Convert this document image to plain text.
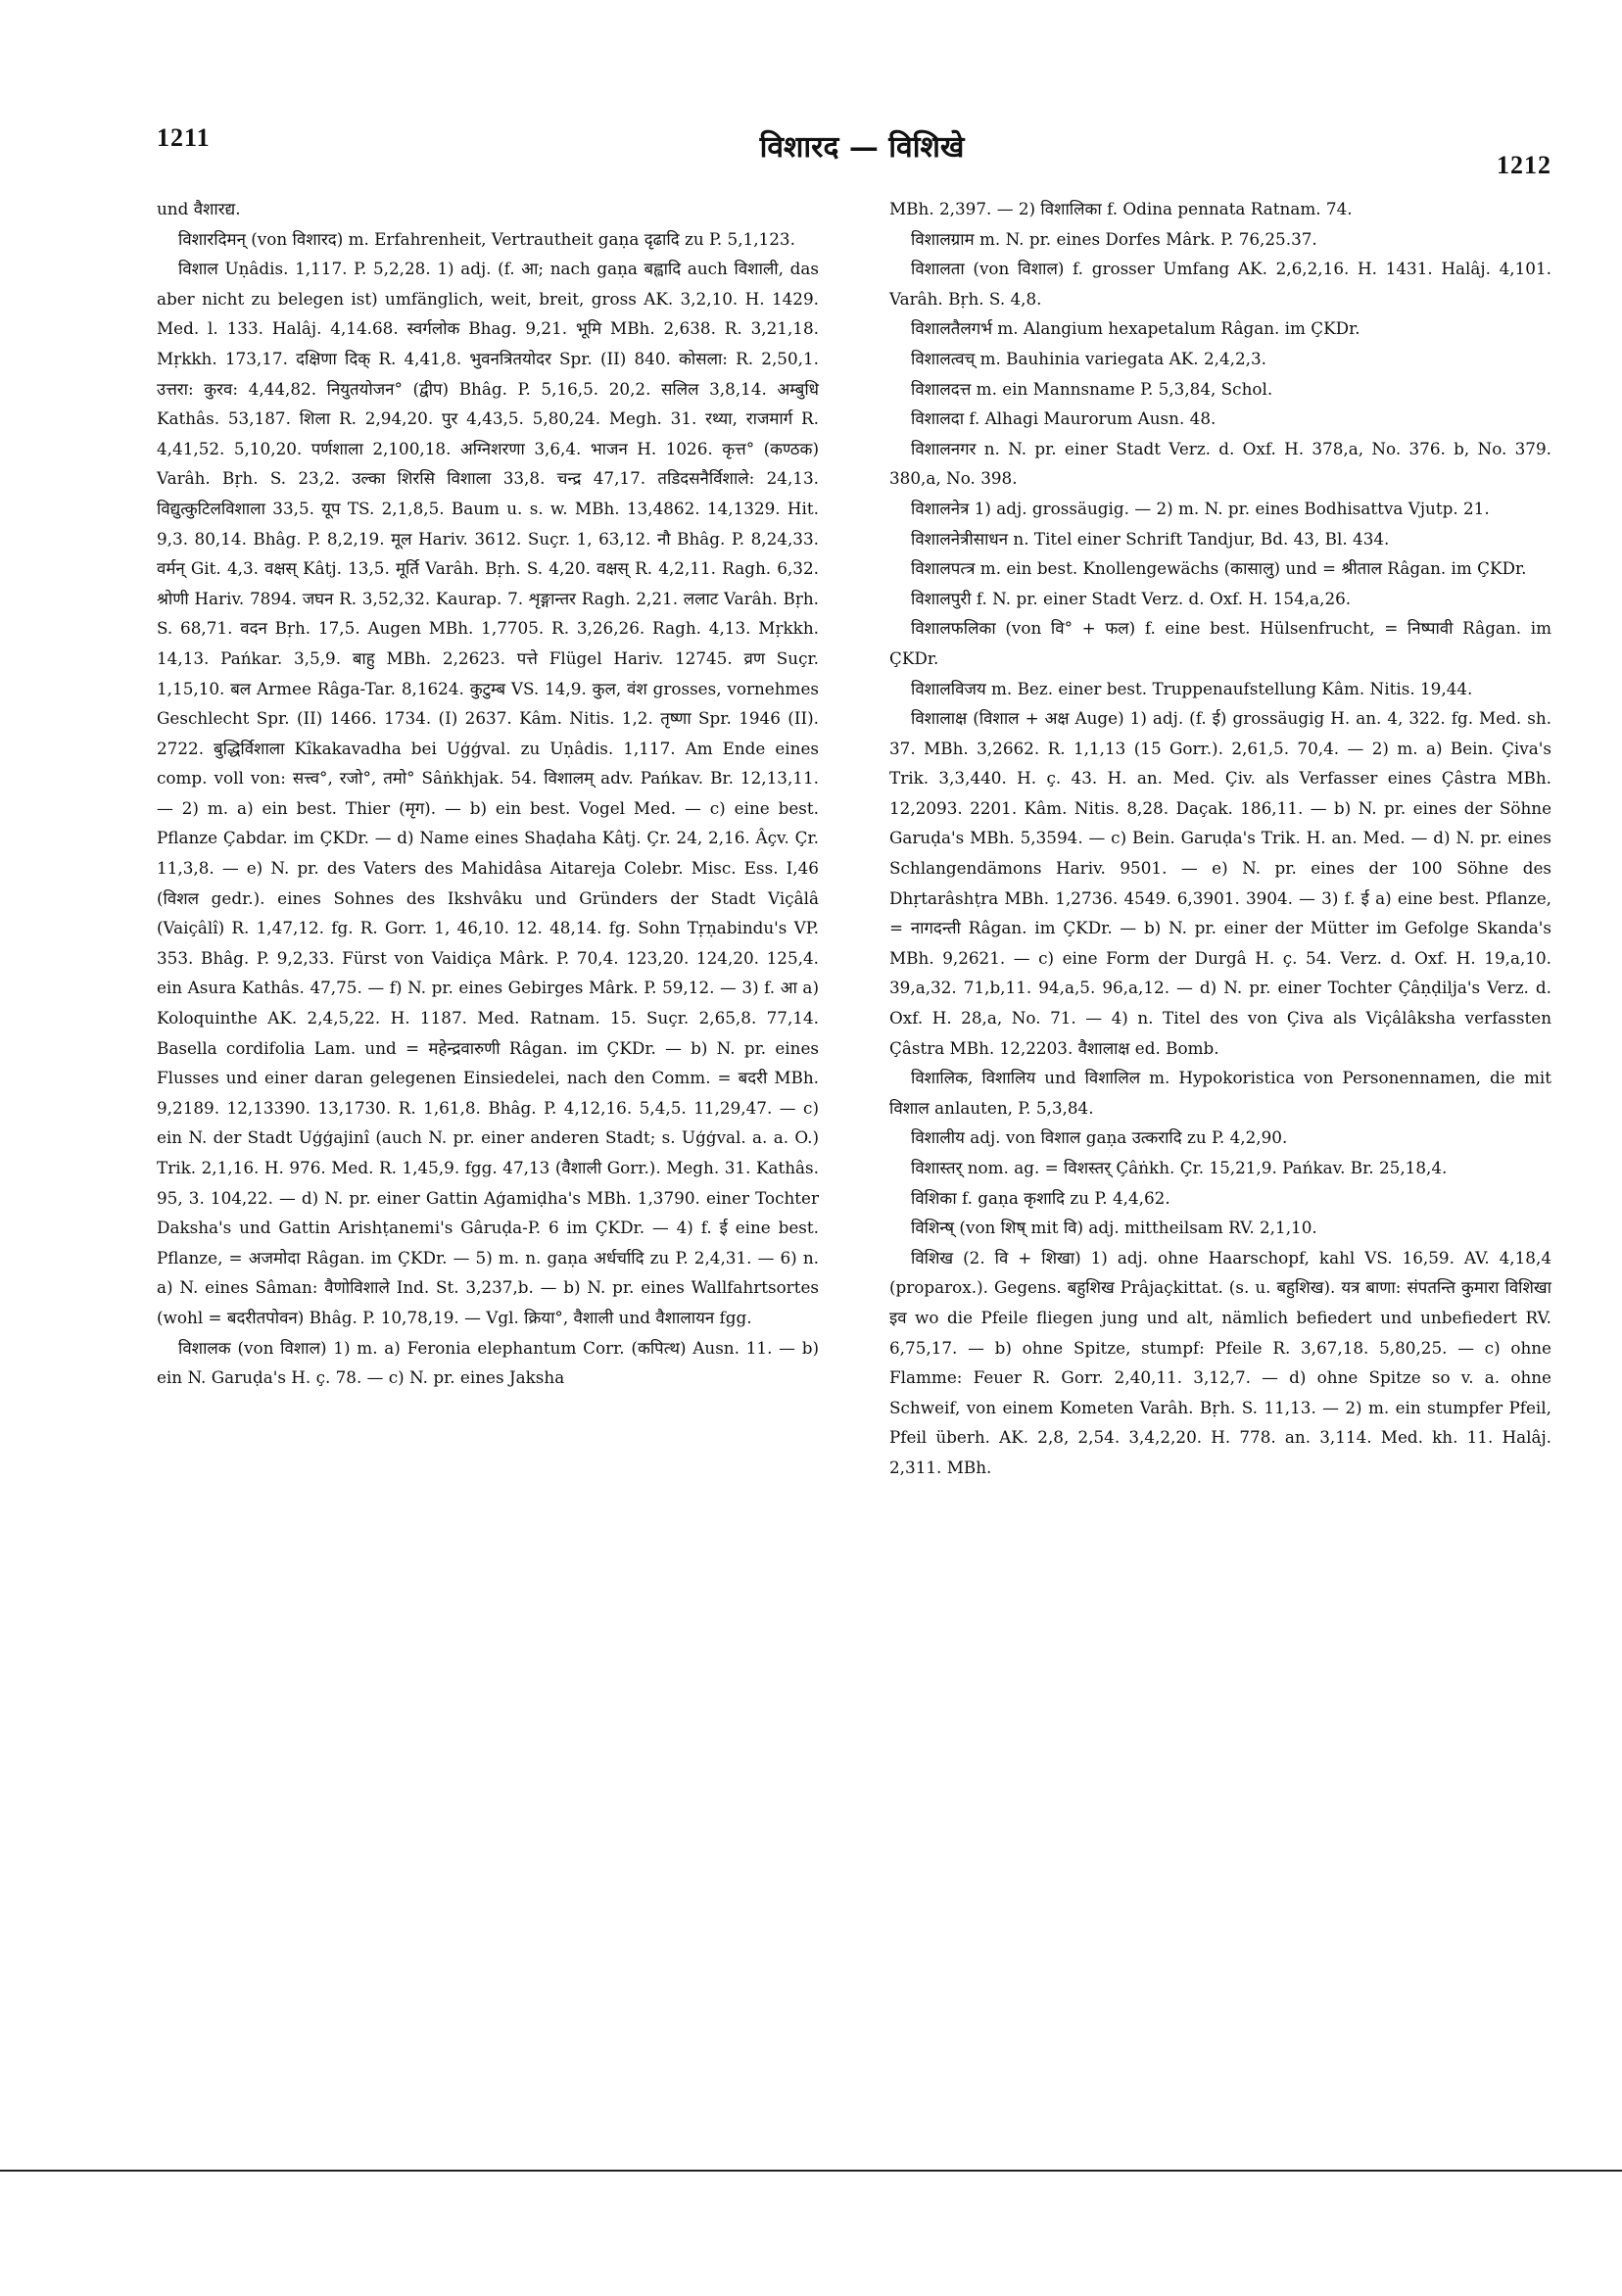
1211	विशारद — विशिखे
1212

und वैशारद्य.

विशारदिमन् (von विशारद) m. Erfahrenheit, Vertrautheit gaṇa दृढादि zu P. 5,1,123.

विशाल Uṇâdis. 1,117. P. 5,2,28. 1) adj. (f. आ; nach gaṇa बह्वादि auch विशाली, das aber nicht zu belegen ist) umfänglich, weit, breit, gross AK. 3,2,10. H. 1429. Med. l. 133. Halâj. 4,14.68. स्वर्गलोक Bhag. 9,21. भूमि MBh. 2,638. R. 3,21,18. Mṛkkh. 173,17. दक्षिणा दिक् R. 4,41,8. भुवनत्रितयोदर Spr. (II) 840. कोसला: R. 2,50,1. उत्तरा: कुरव: 4,44,82. नियुतयोजन° (द्वीप) Bhâg. P. 5,16,5. 20,2. सलिल 3,8,14. अम्बुधि Kathâs. 53,187. शिला R. 2,94,20. पुर 4,43,5. 5,80,24. Megh. 31. रथ्या, राजमार्ग R. 4,41,52. 5,10,20. पर्णशाला 2,100,18. अग्निशरणा 3,6,4. भाजन H. 1026. कृत्त° (कण्ठक) Varâh. Bṛh. S. 23,2. उल्का शिरसि विशाला 33,8. चन्द्र 47,17. तडिदसनैर्विशाले: 24,13. विद्युत्कुटिलविशाला 33,5. यूप TS. 2,1,8,5. Baum u. s. w. MBh. 13,4862. 14,1329. Hit. 9,3. 80,14. Bhâg. P. 8,2,19. मूल Hariv. 3612. Suçr. 1, 63,12. नौ Bhâg. P. 8,24,33. वर्मन् Git. 4,3. वक्षस् Kâtj. 13,5. मूर्ति Varâh. Bṛh. S. 4,20. वक्षस् R. 4,2,11. Ragh. 6,32. श्रोणी Hariv. 7894. जघन R. 3,52,32. Kaurap. 7. शृङ्गान्तर Ragh. 2,21. ललाट Varâh. Bṛh. S. 68,71. वदन Bṛh. 17,5. Augen MBh. 1,7705. R. 3,26,26. Ragh. 4,13. Mṛkkh. 14,13. Pańkar. 3,5,9. बाहु MBh. 2,2623. पत्ते Flügel Hariv. 12745. व्रण Suçr. 1,15,10. बल Armee Râga-Tar. 8,1624. कुटुम्ब VS. 14,9. कुल, वंश grosses, vornehmes Geschlecht Spr. (II) 1466. 1734. (I) 2637. Kâm. Nitis. 1,2. तृष्णा Spr. 1946 (II). 2722. बुद्धिर्विशाला Kîkakavadha bei Uģģval. zu Uṇâdis. 1,117. Am Ende eines comp. voll von: सत्त्व°, रजो°, तमो° Sâṅkhjak. 54. विशालम् adv. Pańkav. Br. 12,13,11. — 2) m. a) ein best. Thier (मृग). — b) ein best. Vogel Med. — c) eine best. Pflanze Çabdar. im ÇKDr. — d) Name eines Shaḍaha Kâtj. Çr. 24, 2,16. Âçv. Çr. 11,3,8. — e) N. pr. des Vaters des Mahidâsa Aitareja Colebr. Misc. Ess. I,46 (विशल gedr.). eines Sohnes des Ikshvâku und Gründers der Stadt Viçâlâ (Vaiçâlî) R. 1,47,12. fg. R. Gorr. 1, 46,10. 12. 48,14. fg. Sohn Tṛṇabindu's VP. 353. Bhâg. P. 9,2,33. Fürst von Vaidiça Mârk. P. 70,4. 123,20. 124,20. 125,4. ein Asura Kathâs. 47,75. — f) N. pr. eines Gebirges Mârk. P. 59,12. — 3) f. आ a) Koloquinthe AK. 2,4,5,22. H. 1187. Med. Ratnam. 15. Suçr. 2,65,8. 77,14. Basella cordifolia Lam. und = महेन्द्रवारुणी Râgan. im ÇKDr. — b) N. pr. eines Flusses und einer daran gelegenen Einsiedelei, nach den Comm. = बदरी MBh. 9,2189. 12,13390. 13,1730. R. 1,61,8. Bhâg. P. 4,12,16. 5,4,5. 11,29,47. — c) ein N. der Stadt Uģģajinî (auch N. pr. einer anderen Stadt; s. Uģģval. a. a. O.) Trik. 2,1,16. H. 976. Med. R. 1,45,9. fgg. 47,13 (वैशाली Gorr.). Megh. 31. Kathâs. 95, 3. 104,22. — d) N. pr. einer Gattin Aģamiḍha's MBh. 1,3790. einer Tochter Daksha's und Gattin Arishṭanemi's Gâruḍa-P. 6 im ÇKDr. — 4) f. ई eine best. Pflanze, = अजमोदा Râgan. im ÇKDr. — 5) m. n. gaṇa अर्धर्चादि zu P. 2,4,31. — 6) n. a) N. eines Sâman: वैणोविशाले Ind. St. 3,237,b. — b) N. pr. eines Wallfahrtsortes (wohl = बदरीतपोवन) Bhâg. P. 10,78,19. — Vgl. क्रिया°, वैशाली und वैशालायन fgg.

विशालक (von विशाल) 1) m. a) Feronia elephantum Corr. (कपित्थ) Ausn. 11. — b) ein N. Garuḍa's H. ç. 78. — c) N. pr. eines Jaksha

MBh. 2,397. — 2) विशालिका f. Odina pennata Ratnam. 74.

विशालग्राम m. N. pr. eines Dorfes Mârk. P. 76,25.37.

विशालता (von विशाल) f. grosser Umfang AK. 2,6,2,16. H. 1431. Halâj. 4,101. Varâh. Bṛh. S. 4,8.

विशालतैलगर्भ m. Alangium hexapetalum Râgan. im ÇKDr.

विशालत्वच् m. Bauhinia variegata AK. 2,4,2,3.

विशालदत्त m. ein Mannsname P. 5,3,84, Schol.

विशालदा f. Alhagi Maurorum Ausn. 48.

विशालनगर n. N. pr. einer Stadt Verz. d. Oxf. H. 378,a, No. 376. b, No. 379. 380,a, No. 398.

विशालनेत्र 1) adj. grossäugig. — 2) m. N. pr. eines Bodhisattva Vjutp. 21.

विशालनेत्रीसाधन n. Titel einer Schrift Tandjur, Bd. 43, Bl. 434.

विशालपत्त्र m. ein best. Knollengewächs (कासालु) und = श्रीताल Râgan. im ÇKDr.

विशालपुरी f. N. pr. einer Stadt Verz. d. Oxf. H. 154,a,26.

विशालफलिका (von वि° + फल) f. eine best. Hülsenfrucht, = निष्पावी Râgan. im ÇKDr.

विशालविजय m. Bez. einer best. Truppenaufstellung Kâm. Nitis. 19,44.

विशालाक्ष (विशाल + अक्ष Auge) 1) adj. (f. ई) grossäugig H. an. 4, 322. fg. Med. sh. 37. MBh. 3,2662. R. 1,1,13 (15 Gorr.). 2,61,5. 70,4. — 2) m. a) Bein. Çiva's Trik. 3,3,440. H. ç. 43. H. an. Med. Çiv. als Verfasser eines Çâstra MBh. 12,2093. 2201. Kâm. Nitis. 8,28. Daçak. 186,11. — b) N. pr. eines der Söhne Garuḍa's MBh. 5,3594. — c) Bein. Garuḍa's Trik. H. an. Med. — d) N. pr. eines Schlangendämons Hariv. 9501. — e) N. pr. eines der 100 Söhne des Dhṛtarâshṭra MBh. 1,2736. 4549. 6,3901. 3904. — 3) f. ई a) eine best. Pflanze, = नागदन्ती Râgan. im ÇKDr. — b) N. pr. einer der Mütter im Gefolge Skanda's MBh. 9,2621. — c) eine Form der Durgâ H. ç. 54. Verz. d. Oxf. H. 19,a,10. 39,a,32. 71,b,11. 94,a,5. 96,a,12. — d) N. pr. einer Tochter Çâṇḍilja's Verz. d. Oxf. H. 28,a, No. 71. — 4) n. Titel des von Çiva als Viçâlâksha verfassten Çâstra MBh. 12,2203. वैशालाक्ष ed. Bomb.

विशालिक, विशालिय und विशालिल m. Hypokoristica von Personennamen, die mit विशाल anlauten, P. 5,3,84.

विशालीय adj. von विशाल gaṇa उत्करादि zu P. 4,2,90.

विशास्तर् nom. ag. = विशस्तर् Çâṅkh. Çr. 15,21,9. Pańkav. Br. 25,18,4.

विशिका f. gaṇa कृशादि zu P. 4,4,62.

विशिन्ष् (von शिष् mit वि) adj. mittheilsam RV. 2,1,10.

विशिख (2. वि + शिखा) 1) adj. ohne Haarschopf, kahl VS. 16,59. AV. 4,18,4 (proparox.). Gegens. बहुशिख Prâjaçkittat. (s. u. बहुशिख). यत्र बाणा: संपतन्ति कुमारा विशिखा इव wo die Pfeile fliegen jung und alt, nämlich befiedert und unbefiedert RV. 6,75,17. — b) ohne Spitze, stumpf: Pfeile R. 3,67,18. 5,80,25. — c) ohne Flamme: Feuer R. Gorr. 2,40,11. 3,12,7. — d) ohne Spitze so v. a. ohne Schweif, von einem Kometen Varâh. Bṛh. S. 11,13. — 2) m. ein stumpfer Pfeil, Pfeil überh. AK. 2,8, 2,54. 3,4,2,20. H. 778. an. 3,114. Med. kh. 11. Halâj. 2,311. MBh.
